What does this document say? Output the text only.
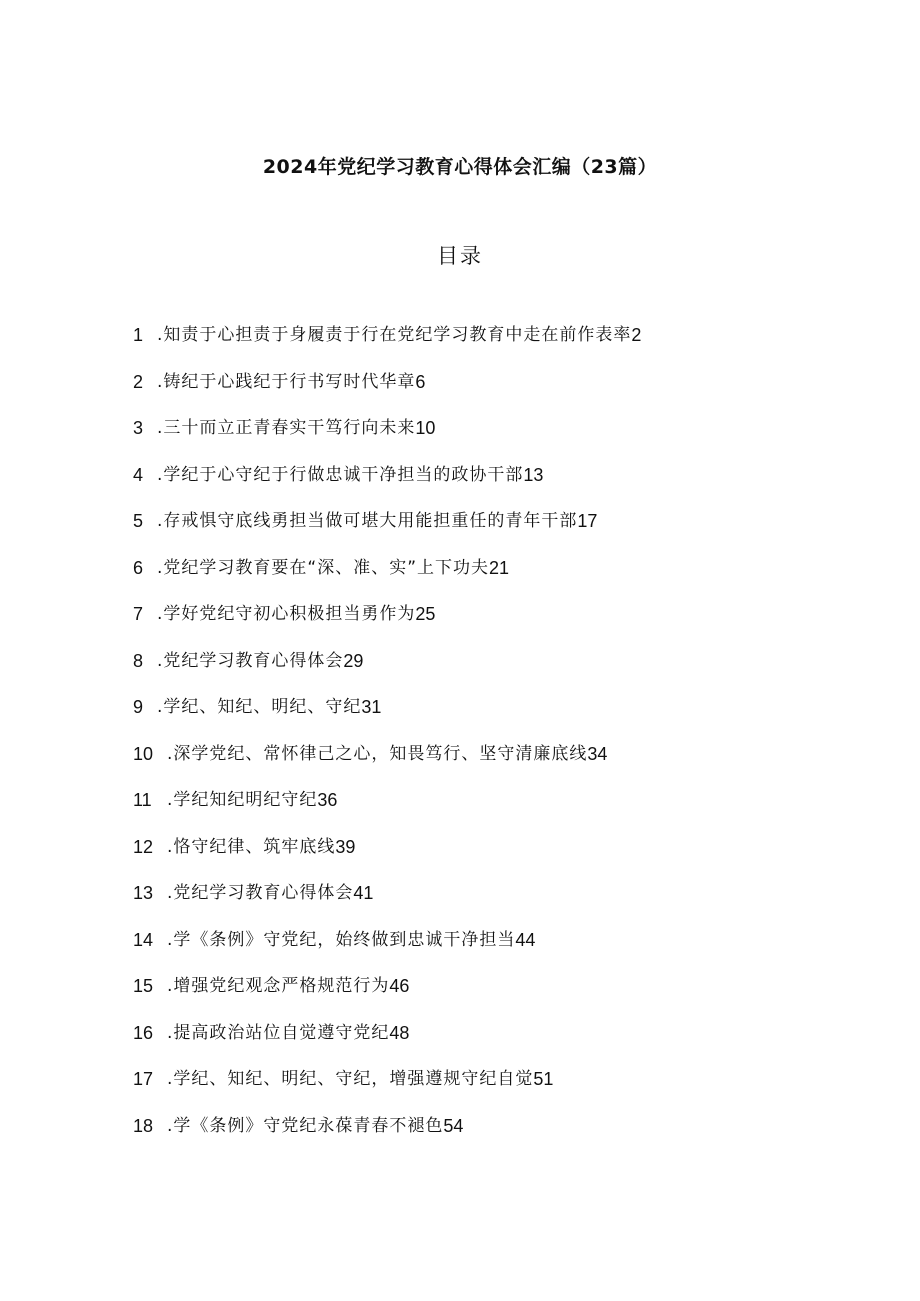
2024年党纪学习教育心得体会汇编（23篇）
目录
1 .知责于心担责于身履责于行在党纪学习教育中走在前作表率 2
2 .铸纪于心践纪于行书写时代华章 6
3 .三十而立正青春实干笃行向未来 10
4 .学纪于心守纪于行做忠诚干净担当的政协干部 13
5 .存戒惧守底线勇担当做可堪大用能担重任的青年干部 17
6 .党纪学习教育要在“深、准、实”上下功夫 21
7 .学好党纪守初心积极担当勇作为 25
8 .党纪学习教育心得体会 29
9 .学纪、知纪、明纪、守纪 31
10 .深学党纪、常怀律己之心，知畏笃行、坚守清廉底线 34
11 .学纪知纪明纪守纪 36
12 .恪守纪律、筑牢底线 39
13 .党纪学习教育心得体会 41
14 .学《条例》守党纪，始终做到忠诚干净担当 44
15 .增强党纪观念严格规范行为 46
16 .提高政治站位自觉遵守党纪 48
17 .学纪、知纪、明纪、守纪，增强遵规守纪自觉 51
18 .学《条例》守党纪永葆青春不褪色 54
